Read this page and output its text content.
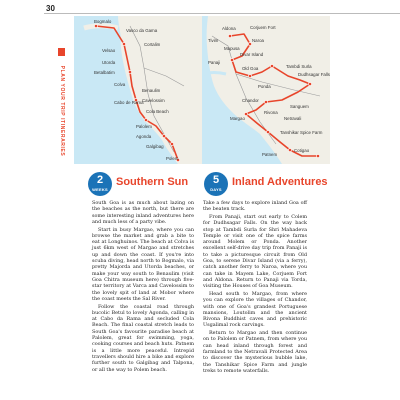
30
PLAN YOUR TRIP ITINERARIES
Bogmalo
Vasco da Gama
Cortalim
Velsao
Utorda
Betalbatim
Colva
Benaulim
Cavelossim
Cabo de Rama
Cola Beach
Palolem
Agonda
Galgibag
Polem
Aldona	Corjuem Fort
Tivim	Naroa
Panaji
Divar Island
Old Goa
Mapusa
Ponda
Margao
Chandor
Rivona
Tambdi Surla
Sanguem
Netravali
Dudhsagar Falls
Tanshikar Spice Farm
Cotigao
Patnem
2
WEEKS
Southern Sun	5
DAYS
Inland Adventures

South Goa is as much about lazing on the beaches as the north, but there are some interesting inland adventures here and much less of a party vibe.

Start in busy Margao, where you can browse the market and grab a bite to eat at Longhuinos. The beach at Colva is just 6km west of Margao and stretches up and down the coast. If you're into scuba diving, head north to Bogmalo, via pretty Majorda and Utorda beaches, or make your way south to Benaulim (visit Goa Chitra museum here) through five-star territory at Varca and Cavelossim to the lovely spit of land at Mobor where the coast meets the Sal River.

Follow the coastal road through bucolic Betul to lovely Agonda, calling in at Cabo da Rama and secluded Cola Beach. The final coastal stretch leads to South Goa's favourite paradise beach at Palolem, great for swimming, yoga, cooking courses and beach huts. Patnem is a little more peaceful. Intrepid travellers should hire a bike and explore further south to Galgibag and Talpona, or all the way to Polem beach.

Take a few days to explore inland Goa off the beaten track.

From Panaji, start out early to Colem for Dudhsagar Falls. On the way back stop at Tambdi Surla for Shri Mahadeva Temple or visit one of the spice farms around Molem or Ponda. Another excellent self-drive day trip from Panaji is to take a picturesque circuit from Old Goa, to serene Divar Island (via a ferry), catch another ferry to Naroa, where you can take in Mayem Lake, Corjuem Fort and Aldona. Return to Panaji via Torda, visiting the Houses of Goa Museum.

Head south to Margao, from where you can explore the villages of Chandor, with one of Goa's grandest Portuguese mansions, Loutolim and the ancient Rivona Buddhist caves and prehistoric Usgalimal rock carvings.

Return to Margao and then continue on to Palolem or Patnem, from where you can head inland through forest and farmland to the Netravali Protected Area to discover the mysterious bubble lake, the Tanshikar Spice Farm and jungle treks to remote waterfalls.
